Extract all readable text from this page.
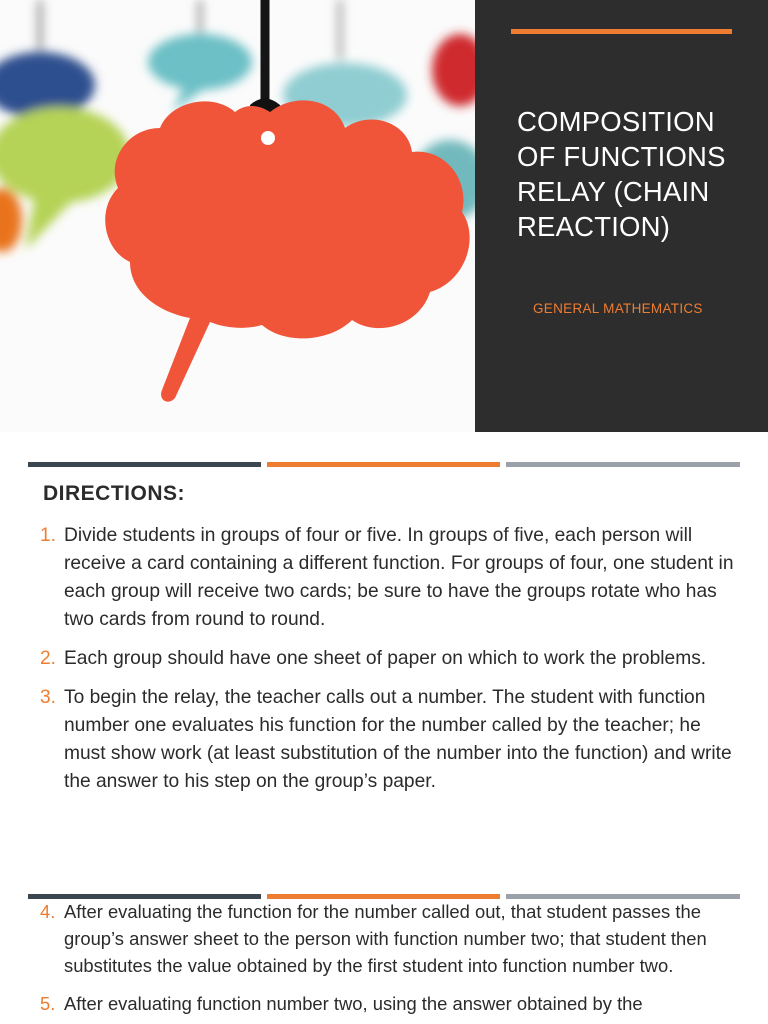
COMPOSITION OF FUNCTIONS RELAY (CHAIN REACTION)
GENERAL MATHEMATICS
DIRECTIONS:
1. Divide students in groups of four or five. In groups of five, each person will receive a card containing a different function. For groups of four, one student in each group will receive two cards; be sure to have the groups rotate who has two cards from round to round.
2. Each group should have one sheet of paper on which to work the problems.
3. To begin the relay, the teacher calls out a number. The student with function number one evaluates his function for the number called by the teacher; he must show work (at least substitution of the number into the function) and write the answer to his step on the group’s paper.
4. After evaluating the function for the number called out, that student passes the group’s answer sheet to the person with function number two; that student then substitutes the value obtained by the first student into function number two.
5. After evaluating function number two, using the answer obtained by the
